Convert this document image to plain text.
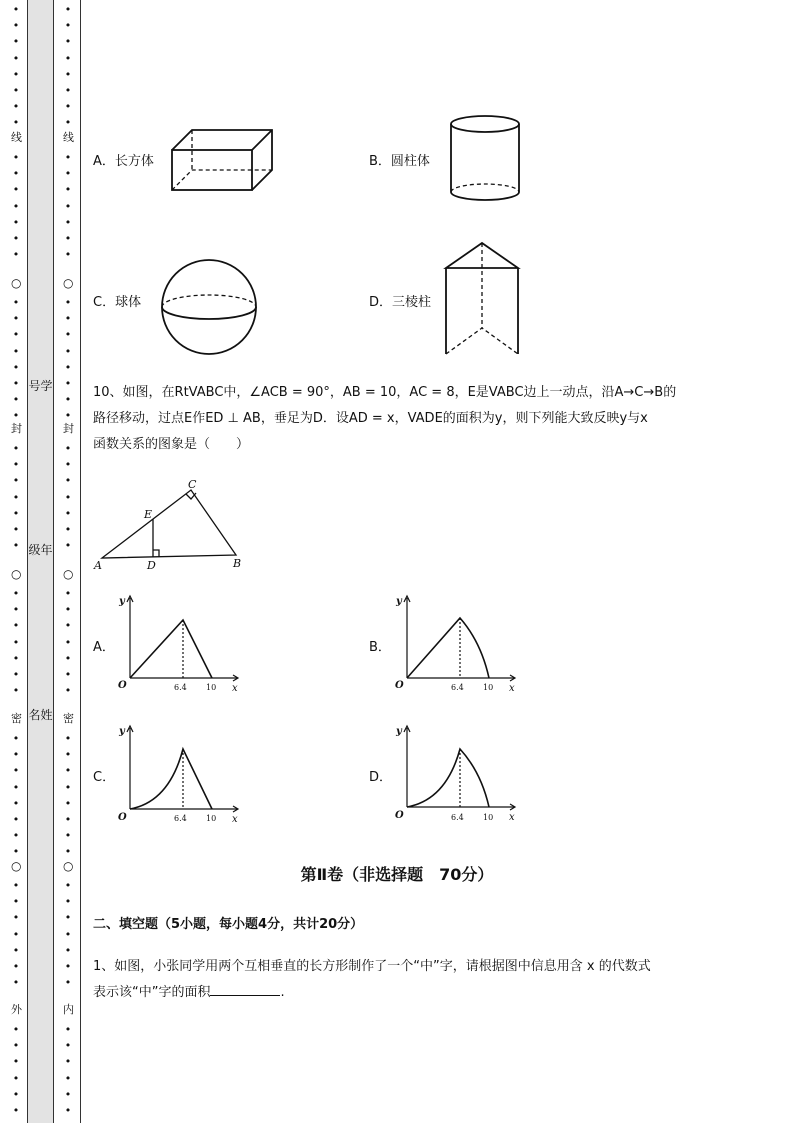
•
•
•
•
•
•
•
•
线
•
•
•
•
•
•
•
○
•
•
•
•
•
•
•
•
封
•
•
•
•
•
•
•
○
•
•
•
•
•
•
•
密
•
•
•
•
•
•
•
•
○
•
•
•
•
•
•
•
外
•
•
•
•
•
•
•
•
•
•
•
•
•
•
线
•
•
•
•
•
•
•
○
•
•
•
•
•
•
•
•
封
•
•
•
•
•
•
•
○
•
•
•
•
•
•
•
密
•
•
•
•
•
•
•
•
○
•
•
•
•
•
•
•
内
•
•
•
•
•
•
号学
级年
名姓
A．长方体	B．圆柱体
C．球体	D．三棱柱

10、如图，在RtVABC中，∠ACB = 90°，AB = 10，AC = 8，E是VABC边上一动点，沿A→C→B的

路径移动，过点E作ED ⊥ AB，垂足为D．设AD = x，VADE的面积为y，则下列能大致反映y与x

函数关系的图象是（　　）

A	B
C
D
E
A．	B．
C．	D．
O
y
x
6.4 10	O
y
x
6.4 10
O
y
x
6.4 10	O
y
x
6.4 10
第Ⅱ卷（非选择题　70分）
二、填空题（5小题，每小题4分，共计20分）

1、如图，小张同学用两个互相垂直的长方形制作了一个“中”字，请根据图中信息用含 x 的代数式

表示该“中”字的面积	.
